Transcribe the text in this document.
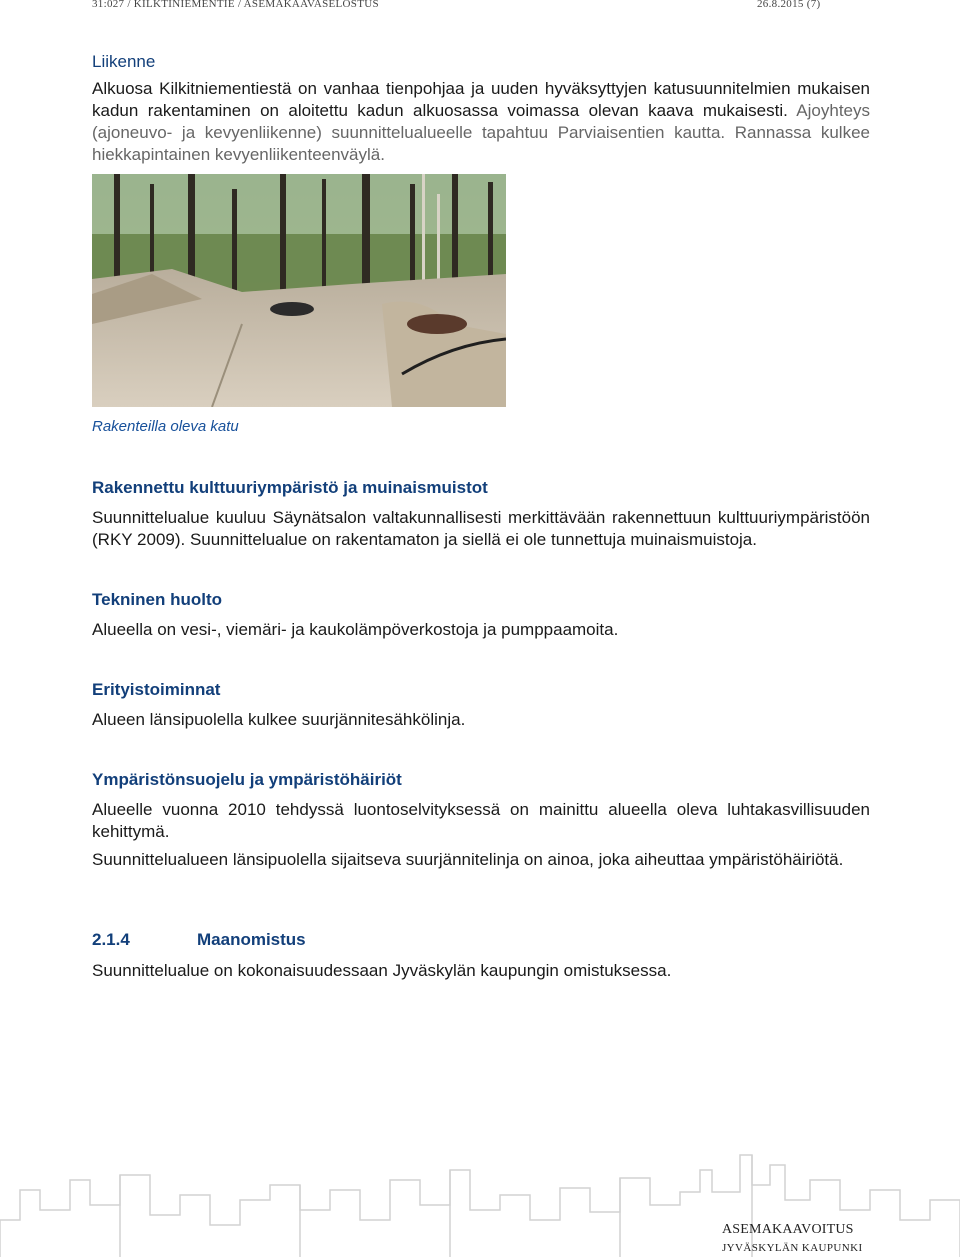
31:027 / KILKTINIEMENTIE / ASEMAKAAVASELOSTUS	26.8.2015 (7)
Liikenne

Alkuosa Kilkitniementiestä on vanhaa tienpohjaa ja uuden hyväksyttyjen katusuunnitelmien mukaisen kadun rakentaminen on aloitettu kadun alkuosassa voimassa olevan kaava mukaisesti. Ajoyhteys (ajoneuvo- ja kevyenliikenne) suunnittelualueelle tapahtuu Parviaisentien kautta. Rannassa kulkee hiekkapintainen kevyenliikenteenväylä.

Rakenteilla oleva katu
Rakennettu kulttuuriympäristö ja muinaismuistot

Suunnittelualue kuuluu Säynätsalon valtakunnallisesti merkittävään rakennettuun kulttuuriympäristöön (RKY 2009). Suunnittelualue on rakentamaton ja siellä ei ole tunnettuja muinaismuistoja.

Tekninen huolto

Alueella on vesi-, viemäri- ja kaukolämpöverkostoja ja pumppaamoita.

Erityistoiminnat

Alueen länsipuolella kulkee suurjännitesähkölinja.

Ympäristönsuojelu ja ympäristöhäiriöt

Alueelle vuonna 2010 tehdyssä luontoselvityksessä on mainittu alueella oleva luhtakasvillisuuden kehittymä.

Suunnittelualueen länsipuolella sijaitseva suurjännitelinja on ainoa, joka aiheuttaa ympäristöhäiriötä.

2.1.4	Maanomistus

Suunnittelualue on kokonaisuudessaan Jyväskylän kaupungin omistuksessa.

ASEMAKAAVOITUS
JYVÄSKYLÄN KAUPUNKI
